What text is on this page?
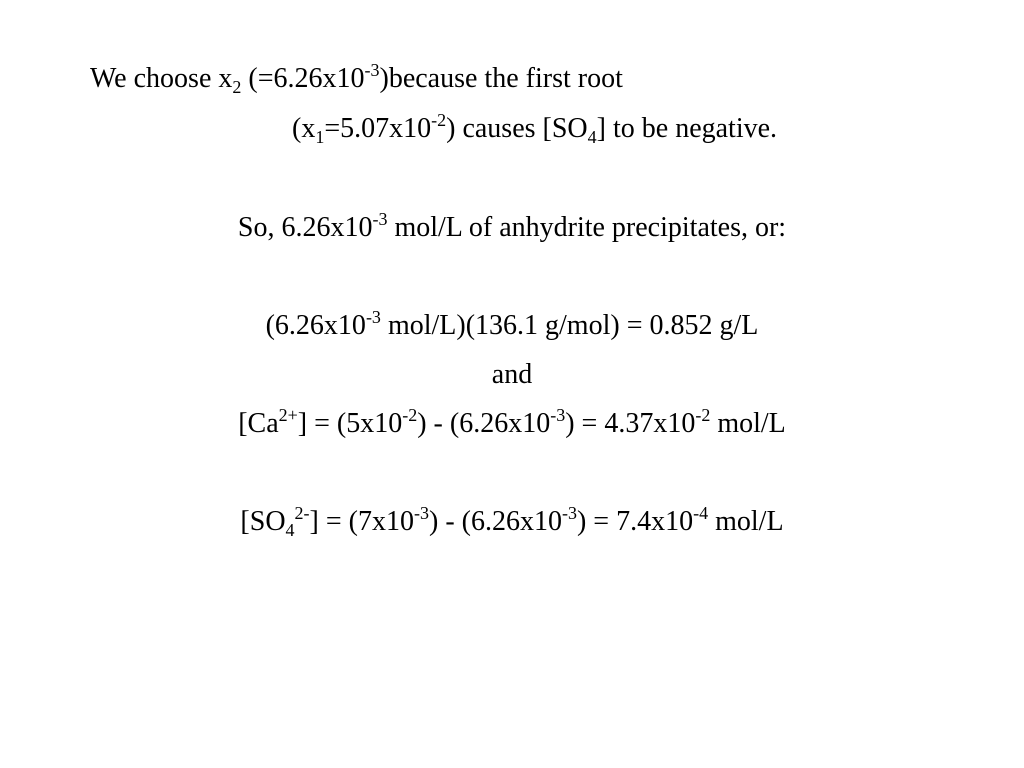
We choose $x_2$ $(=6.26x10^{-3})because$ the first root
$(x_1=5.07x10^{-2})$ causes $[SO_4]$ to be negative.
So, $6.26x10^{-3}$ mol/L of anhydrite precipitates, or:
($6.26x10^{-3}$ mol/L)(136.1 g/mol) = 0.852 g/L
and
$[Ca^{2+}] = (5x10^{-2}) - (6.26x10^{-3}) = 4.37x10^{-2}$ mol/L
$[SO_4^{2-}] = (7x10^{-3}) - (6.26x10^{-3}) = 7.4x10^{-4}$ mol/L
